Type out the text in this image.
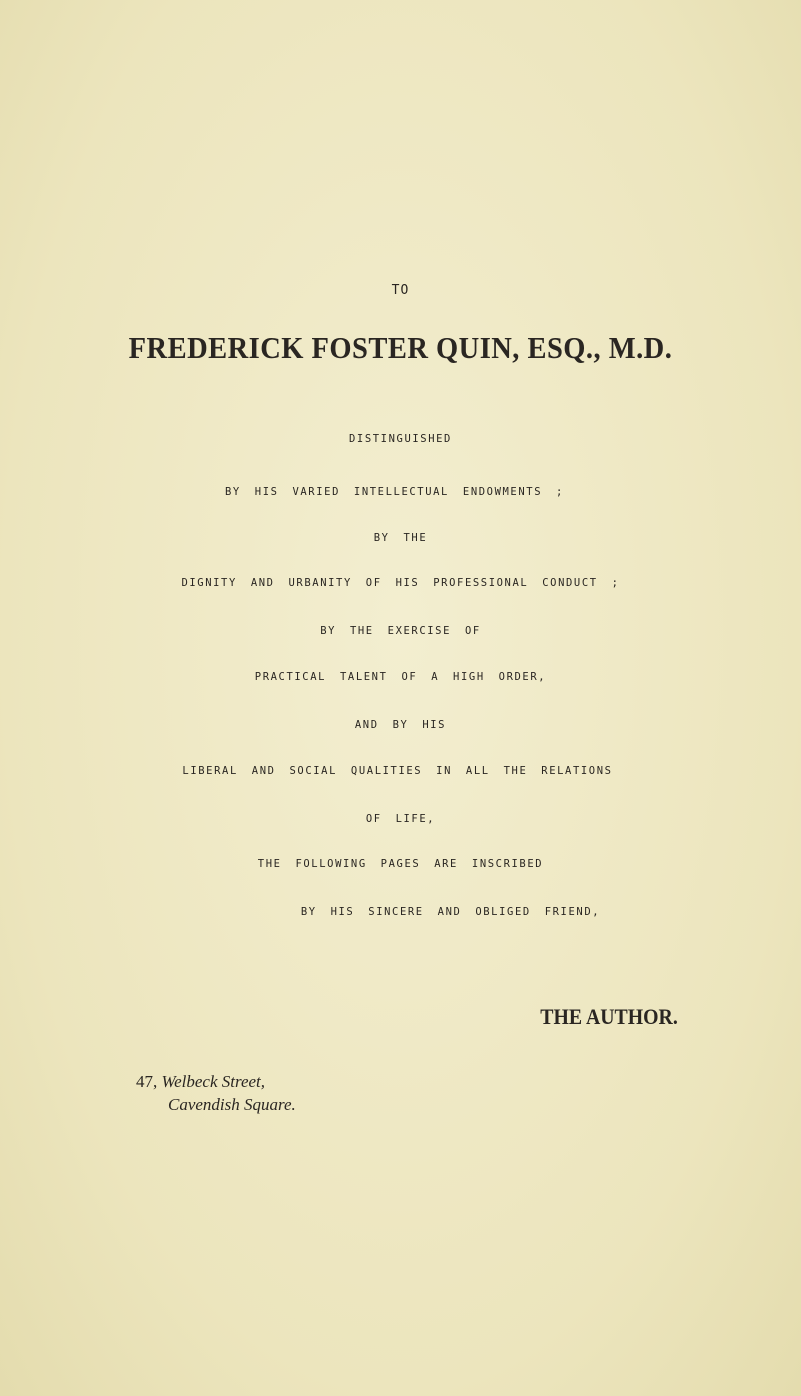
TO
FREDERICK FOSTER QUIN, ESQ., M.D.
DISTINGUISHED
BY HIS VARIED INTELLECTUAL ENDOWMENTS ;
BY THE
DIGNITY AND URBANITY OF HIS PROFESSIONAL CONDUCT ;
BY THE EXERCISE OF
PRACTICAL TALENT OF A HIGH ORDER,
AND BY HIS
LIBERAL AND SOCIAL QUALITIES IN ALL THE RELATIONS
OF LIFE,
THE FOLLOWING PAGES ARE INSCRIBED
BY HIS SINCERE AND OBLIGED FRIEND,
THE AUTHOR.
47, Welbeck Street,
Cavendish Square.
